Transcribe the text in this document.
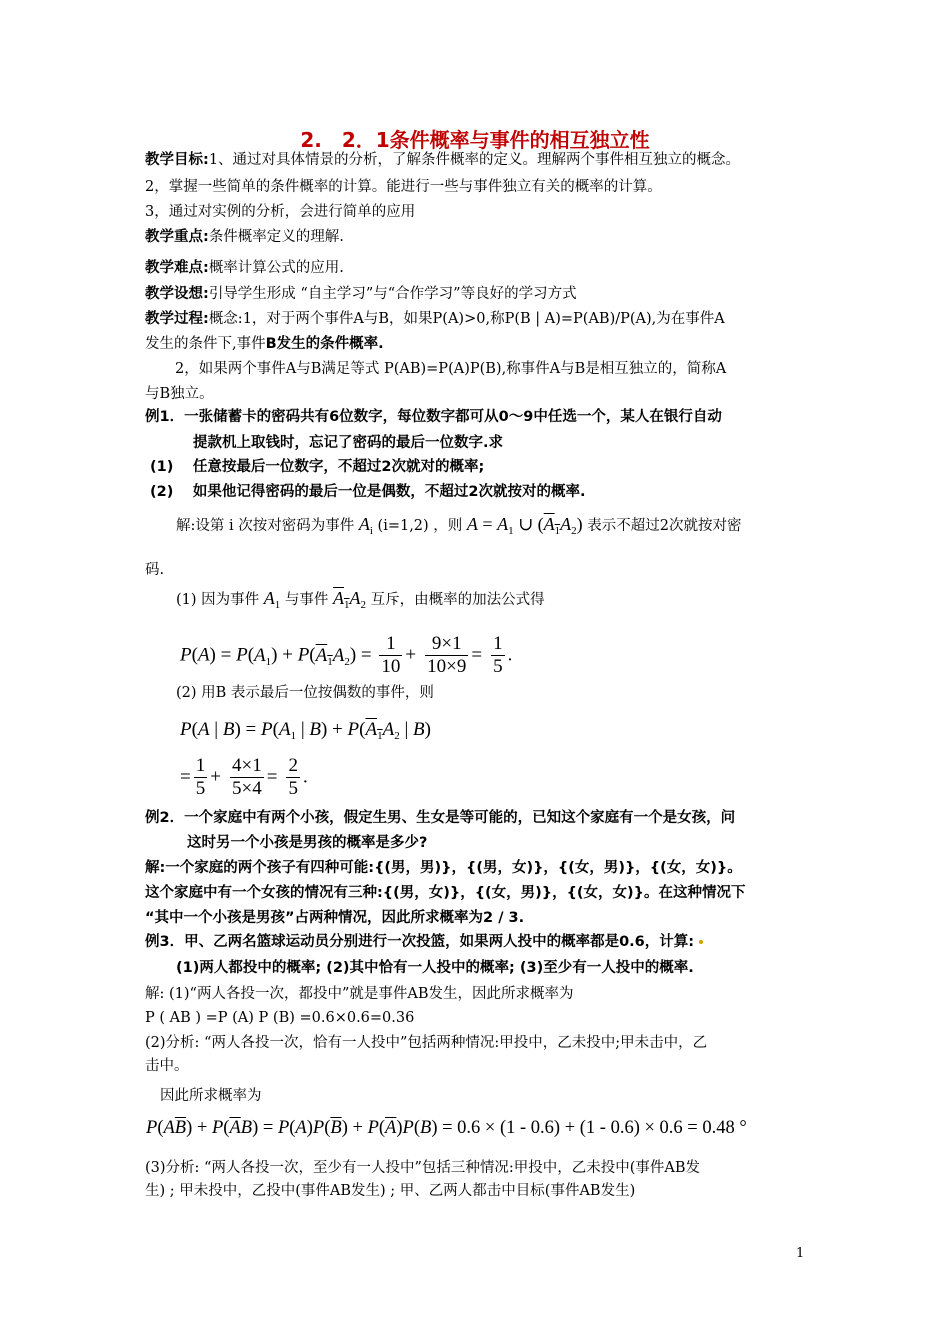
2.　2．1条件概率与事件的相互独立性
教学目标:1、通过对具体情景的分析，了解条件概率的定义。理解两个事件相互独立的概念。
2，掌握一些简单的条件概率的计算。能进行一些与事件独立有关的概率的计算。
3，通过对实例的分析，会进行简单的应用
教学重点:条件概率定义的理解.
教学难点:概率计算公式的应用.
教学设想:引导学生形成 “自主学习”与“合作学习”等良好的学习方式
教学过程:概念:1，对于两个事件A与B，如果P(A)>0,称P(B | A)=P(AB)/P(A),为在事件A
发生的条件下,事件B发生的条件概率.
2，如果两个事件A与B满足等式 P(AB)=P(A)P(B),称事件A与B是相互独立的，简称A
与B独立。
例1．一张储蓄卡的密码共有6位数字，每位数字都可从0～9中任选一个，某人在银行自动
提款机上取钱时，忘记了密码的最后一位数字.求
(1)　 任意按最后一位数字，不超过2次就对的概率;
(2)　 如果他记得密码的最后一位是偶数，不超过2次就按对的概率.
解:设第 i 次按对密码为事件 $A_i$ (i=1,2) ，则 $A = A_1$ ∪ $(A_1A_2)$ 表示不超过2次就按对密
码.
(1) 因为事件 $A_1$ 与事件 $A_1A_2$ 互斥，由概率的加法公式得
$P(A) = P(A_1) + P(A_1A_2) = \frac{1}{10} + \frac{9\times 1}{10\times 9} = \frac{1}{5}$ .
(2) 用B 表示最后一位按偶数的事件，则
P(A | $B) = P(A_1$ | $B) + P(A_1A_2$ | B)
= $\frac{1}{5} + \frac{4\times 1}{5\times 4} = \frac{2}{5}$ .
例2．一个家庭中有两个小孩，假定生男、生女是等可能的，已知这个家庭有一个是女孩，问
这时另一个小孩是男孩的概率是多少?
解:一个家庭的两个孩子有四种可能:{(男，男)}，{(男，女)}，{(女，男)}，{(女，女)}。
这个家庭中有一个女孩的情况有三种:{(男，女)}，{(女，男)}，{(女，女)}。在这种情况下
“其中一个小孩是男孩”占两种情况，因此所求概率为2 / 3.
例3．甲、乙两名篮球运动员分别进行一次投篮，如果两人投中的概率都是0.6，计算:
(1)两人都投中的概率; (2)其中恰有一人投中的概率; (3)至少有一人投中的概率.
解: (1)“两人各投一次，都投中”就是事件AB发生，因此所求概率为
P ( AB ) =P (A) P (B) =0.6×0.6=0.36
(2)分析: “两人各投一次，恰有一人投中”包括两种情况:甲投中，乙未投中;甲未击中，乙
击中。
因此所求概率为
$P(A\overline{B}) + P(\overline{A}B) = P(A)P(\overline{B}) + P(\overline{A})P(B) = 0.6 \times (1 - 0.6) + (1 - 0.6) \times 0.6 = 0.48$ °
(3)分析: “两人各投一次，至少有一人投中”包括三种情况:甲投中，乙未投中(事件AB发
生) ; 甲未投中，乙投中(事件AB发生) ; 甲、乙两人都击中目标(事件AB发生)
1
